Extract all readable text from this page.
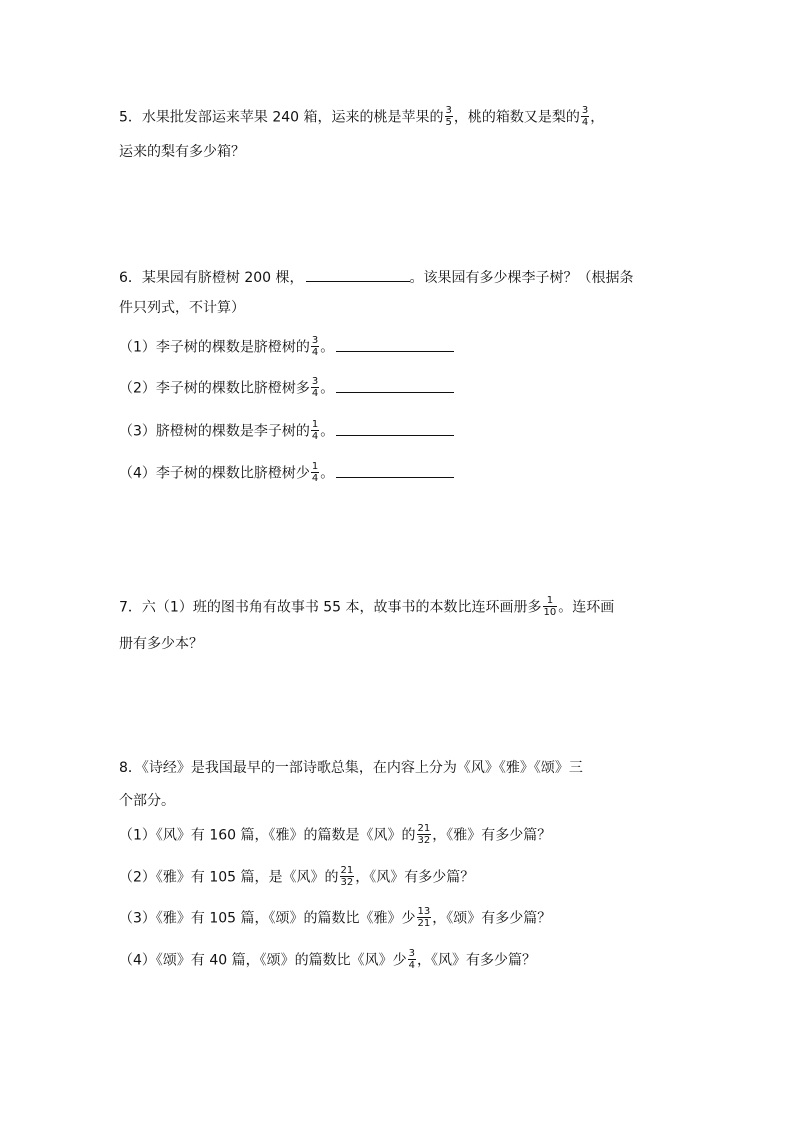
5．水果批发部运来苹果 240 箱，运来的桃是苹果的 $\frac{3}{5}$ ，桃的箱数又是梨的 $\frac{3}{4}$ ，
运来的梨有多少箱？
6．某果园有脐橙树 200 棵，	。该果园有多少棵李子树？（根据条
件只列式，不计算）
（1）李子树的棵数是脐橙树的 $\frac{3}{4}$ 。
（2）李子树的棵数比脐橙树多 $\frac{3}{4}$ 。
（3）脐橙树的棵数是李子树的 $\frac{1}{4}$ 。
（4）李子树的棵数比脐橙树少 $\frac{1}{4}$ 。
7．六（1）班的图书角有故事书 55 本，故事书的本数比连环画册多 $\frac{1}{10}$ 。连环画
册有多少本？
8．《诗经》是我国最早的一部诗歌总集，在内容上分为《风》《雅》《颂》三
个部分。
（1）《风》有 160 篇，《雅》的篇数是《风》的 $\frac{21}{32}$ ，《雅》有多少篇？
（2）《雅》有 105 篇，是《风》的 $\frac{21}{32}$ ，《风》有多少篇？
（3）《雅》有 105 篇，《颂》的篇数比《雅》少 $\frac{13}{21}$ ，《颂》有多少篇？
（4）《颂》有 40 篇，《颂》的篇数比《风》少 $\frac{3}{4}$ ，《风》有多少篇？
